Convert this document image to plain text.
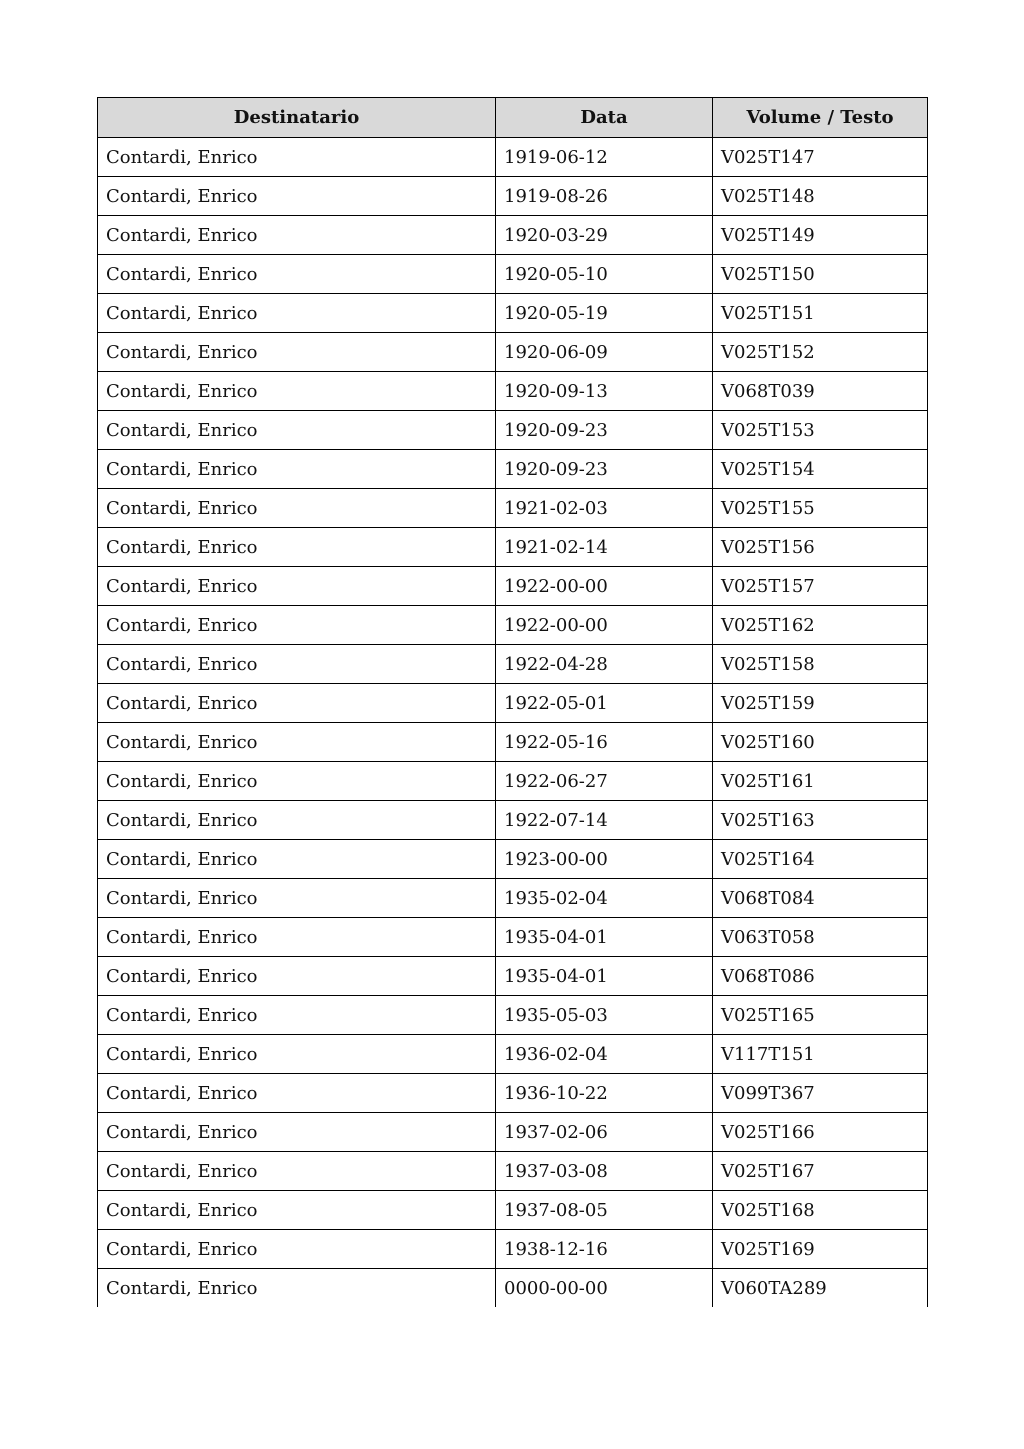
Destinatario	Data	Volume / Testo
Contardi, Enrico	1919-06-12	V025T147
Contardi, Enrico	1919-08-26	V025T148
Contardi, Enrico	1920-03-29	V025T149
Contardi, Enrico	1920-05-10	V025T150
Contardi, Enrico	1920-05-19	V025T151
Contardi, Enrico	1920-06-09	V025T152
Contardi, Enrico	1920-09-13	V068T039
Contardi, Enrico	1920-09-23	V025T153
Contardi, Enrico	1920-09-23	V025T154
Contardi, Enrico	1921-02-03	V025T155
Contardi, Enrico	1921-02-14	V025T156
Contardi, Enrico	1922-00-00	V025T157
Contardi, Enrico	1922-00-00	V025T162
Contardi, Enrico	1922-04-28	V025T158
Contardi, Enrico	1922-05-01	V025T159
Contardi, Enrico	1922-05-16	V025T160
Contardi, Enrico	1922-06-27	V025T161
Contardi, Enrico	1922-07-14	V025T163
Contardi, Enrico	1923-00-00	V025T164
Contardi, Enrico	1935-02-04	V068T084
Contardi, Enrico	1935-04-01	V063T058
Contardi, Enrico	1935-04-01	V068T086
Contardi, Enrico	1935-05-03	V025T165
Contardi, Enrico	1936-02-04	V117T151
Contardi, Enrico	1936-10-22	V099T367
Contardi, Enrico	1937-02-06	V025T166
Contardi, Enrico	1937-03-08	V025T167
Contardi, Enrico	1937-08-05	V025T168
Contardi, Enrico	1938-12-16	V025T169
Contardi, Enrico	0000-00-00	V060TA289
